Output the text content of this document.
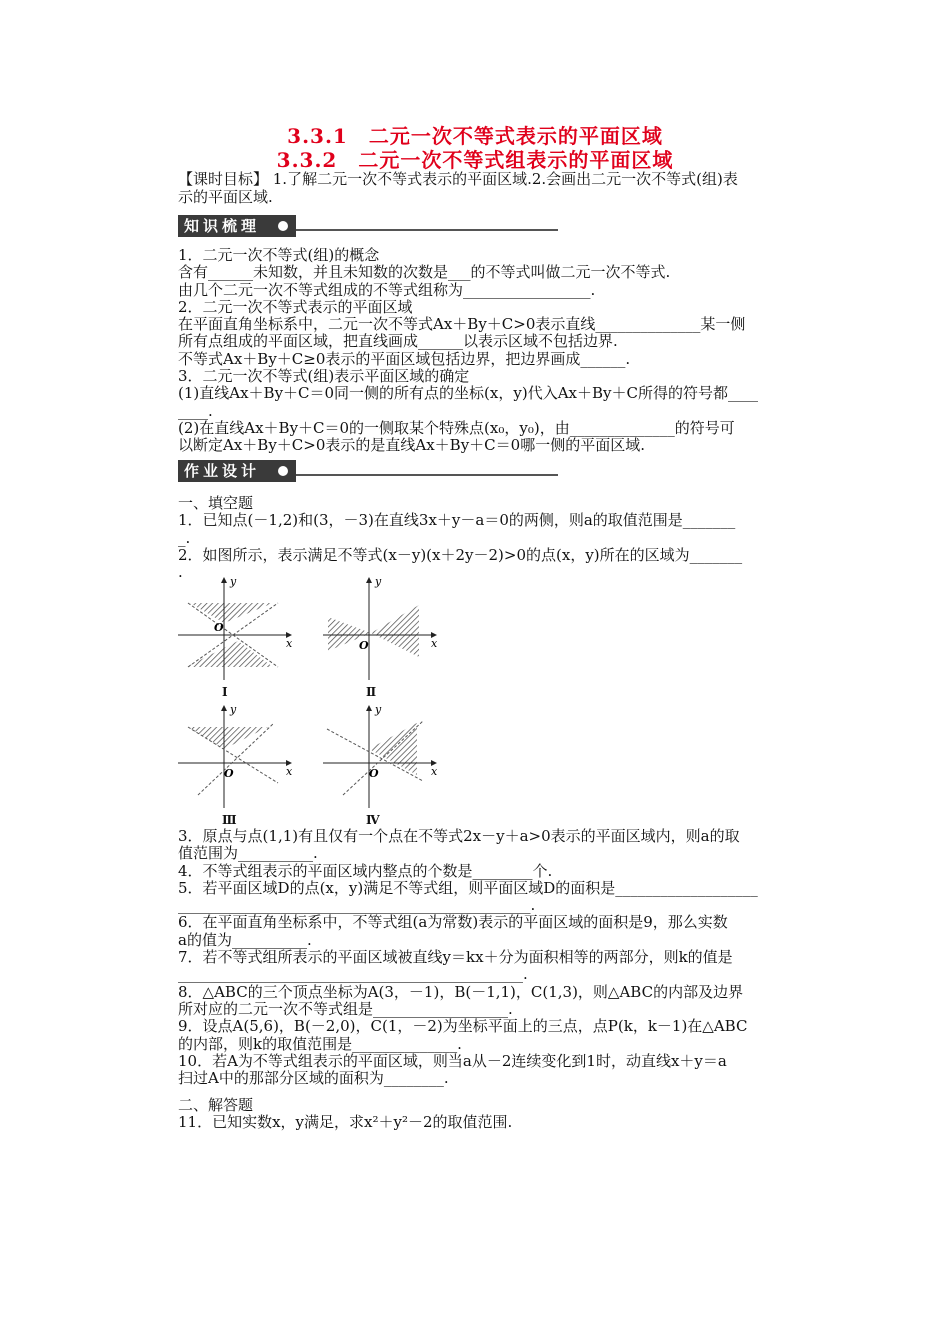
3.3.1　二元一次不等式表示的平面区域
3.3.2　二元一次不等式组表示的平面区域
【课时目标】 1.了解二元一次不等式表示的平面区域.2.会画出二元一次不等式(组)表
示的平面区域.
知识梳理
1．二元一次不等式(组)的概念
含有______未知数，并且未知数的次数是___的不等式叫做二元一次不等式.
由几个二元一次不等式组成的不等式组称为_________________.
2．二元一次不等式表示的平面区域
在平面直角坐标系中，二元一次不等式Ax＋By＋C>0表示直线______________某一侧
所有点组成的平面区域，把直线画成______以表示区域不包括边界.
不等式Ax＋By＋C≥0表示的平面区域包括边界，把边界画成______.
3．二元一次不等式(组)表示平面区域的确定
(1)直线Ax＋By＋C＝0同一侧的所有点的坐标(x，y)代入Ax＋By＋C所得的符号都____
____.
(2)在直线Ax＋By＋C＝0的一侧取某个特殊点(x₀，y₀)，由______________的符号可
以断定Ax＋By＋C>0表示的是直线Ax＋By＋C＝0哪一侧的平面区域.
作业设计
一、填空题
1．已知点(－1,2)和(3，－3)在直线3x＋y－a＝0的两侧，则a的取值范围是_______
_.
2．如图所示，表示满足不等式(x－y)(x＋2y－2)>0的点(x，y)所在的区域为_______
.
y
x
O
y
x
O
y
x
O
y
x
O
Ⅰ	Ⅱ
Ⅲ	Ⅳ
3．原点与点(1,1)有且仅有一个点在不等式2x－y＋a>0表示的平面区域内，则a的取
值范围为__________.
4．不等式组表示的平面区域内整点的个数是________个.
5．若平面区域D的点(x，y)满足不等式组，则平面区域D的面积是___________________
_______________________________________________.
6．在平面直角坐标系中，不等式组(a为常数)表示的平面区域的面积是9，那么实数
a的值为__________.
7．若不等式组所表示的平面区域被直线y＝kx＋分为面积相等的两部分，则k的值是
______________________________________________.
8．△ABC的三个顶点坐标为A(3，－1)，B(－1,1)，C(1,3)，则△ABC的内部及边界
所对应的二元一次不等式组是__________________.
9．设点A(5,6)，B(－2,0)，C(1，－2)为坐标平面上的三点，点P(k，k－1)在△ABC
的内部，则k的取值范围是______________.
10．若A为不等式组表示的平面区域，则当a从－2连续变化到1时，动直线x＋y＝a
扫过A中的那部分区域的面积为________.
二、解答题
11．已知实数x，y满足，求x²＋y²－2的取值范围.
